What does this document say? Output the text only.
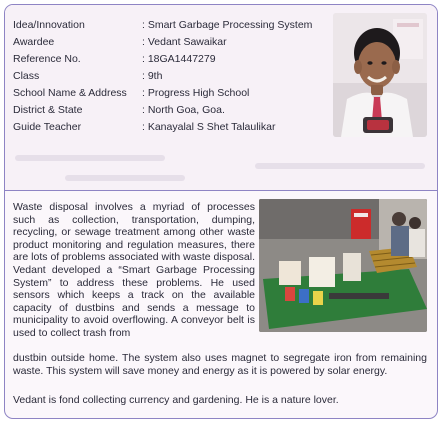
Idea/Innovation	: Smart Garbage Processing System
Awardee	: Vedant Sawaikar
Reference No.	: 18GA1447279
Class	: 9th
School Name & Address	: Progress High School
District & State	: North Goa, Goa.
Guide Teacher	: Kanayalal S Shet Talaulikar

Waste disposal involves a myriad of processes such as collection, transportation, dumping, recycling, or sewage treatment among other waste product monitoring and regulation measures, there are lots of problems associated with waste disposal. Vedant developed a “Smart Garbage Processing System” to address these problems. He used sensors which keeps a track on the available capacity of dustbins and sends a message to municipality to avoid overflowing. A conveyor belt is used to collect trash from

dustbin outside home. The system also uses magnet to segregate iron from remaining waste. This system will save money and energy as it is powered by solar energy.

Vedant is fond collecting currency and gardening. He is a nature lover.
